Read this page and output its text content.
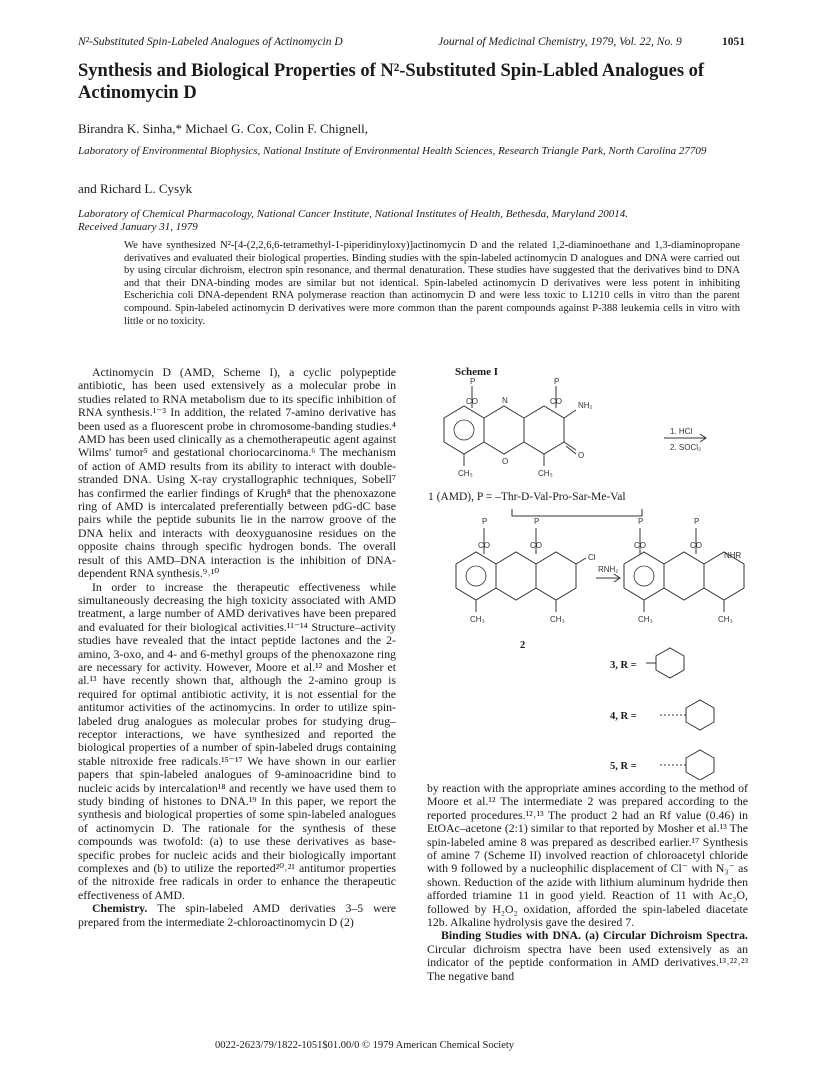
N²-Substituted Spin-Labeled Analogues of Actinomycin D	Journal of Medicinal Chemistry, 1979, Vol. 22, No. 9	1051
Synthesis and Biological Properties of N²-Substituted Spin-Labled Analogues of Actinomycin D
Birandra K. Sinha,* Michael G. Cox, Colin F. Chignell,
Laboratory of Environmental Biophysics, National Institute of Environmental Health Sciences, Research Triangle Park, North Carolina 27709
and Richard L. Cysyk
Laboratory of Chemical Pharmacology, National Cancer Institute, National Institutes of Health, Bethesda, Maryland 20014.
Received January 31, 1979
We have synthesized N²-[4-(2,2,6,6-tetramethyl-1-piperidinyloxy)]actinomycin D and the related 1,2-diaminoethane and 1,3-diaminopropane derivatives and evaluated their biological properties. Binding studies with the spin-labeled actinomycin D analogues and DNA were carried out by using circular dichroism, electron spin resonance, and thermal denaturation. These studies have suggested that the derivatives bind to DNA and that their DNA-binding modes are similar but not identical. Spin-labeled actinomycin D derivatives were less potent in inhibiting Escherichia coli DNA-dependent RNA polymerase reaction than actinomycin D and were less toxic to L1210 cells in vitro than the parent compound. Spin-labeled actinomycin D derivatives were more common than the parent compounds against P-388 leukemia cells in vitro with little or no toxicity.

Actinomycin D (AMD, Scheme I), a cyclic polypeptide antibiotic, has been used extensively as a molecular probe in studies related to RNA metabolism due to its specific inhibition of RNA synthesis.¹⁻³ In addition, the related 7-amino derivative has been used as a fluorescent probe in chromosome-banding studies.⁴ AMD has been used clinically as a chemotherapeutic agent against Wilms' tumor⁵ and gestational choriocarcinoma.⁶ The mechanism of action of AMD results from its ability to interact with double-stranded DNA. Using X-ray crystallographic techniques, Sobell⁷ has confirmed the earlier findings of Krugh⁸ that the phenoxazone ring of AMD is intercalated preferentially between pdG-dC base pairs while the peptide subunits lie in the narrow groove of the DNA helix and interacts with deoxyguanosine residues on the opposite chains through specific hydrogen bonds. The overall result of this AMD–DNA interaction is the inhibition of DNA-dependent RNA synthesis.⁹˒¹⁰

In order to increase the therapeutic effectiveness while simultaneously decreasing the high toxicity associated with AMD treatment, a large number of AMD derivatives have been prepared and evaluated for their biological activities.¹¹⁻¹⁴ Structure–activity studies have revealed that the intact peptide lactones and the 2-amino, 3-oxo, and 4- and 6-methyl groups of the phenoxazone ring are necessary for activity. However, Moore et al.¹² and Mosher et al.¹³ have recently shown that, although the 2-amino group is required for optimal antibiotic activity, it is not essential for the antitumor activities of the actinomycins. In order to utilize spin-labeled drug analogues as molecular probes for studying drug–receptor interactions, we have synthesized and reported the biological properties of a number of spin-labeled drugs containing stable nitroxide free radicals.¹⁵⁻¹⁷ We have shown in our earlier papers that spin-labeled analogues of 9-aminoacridine bind to nucleic acids by intercalation¹⁸ and recently we have used them to study binding of histones to DNA.¹⁹ In this paper, we report the synthesis and biological properties of some spin-labeled analogues of actinomycin D. The rationale for the synthesis of these compounds was twofold: (a) to use these derivatives as base-specific probes for nucleic acids and their biologically important complexes and (b) to utilize the reported²⁰˒²¹ antitumor properties of the nitroxide free radicals in order to enhance the therapeutic effectiveness of AMD.

Chemistry. The spin-labeled AMD derivaties 3–5 were prepared from the intermediate 2-chloroactinomycin D (2)

Scheme I
P	P
CO	CO NH₂
N
O
CH₃	CH₃
O
1. HCl
2. SOCl₂
P	P
CO	CO
Cl
CH₃	CH₃
RNH₂
P	P
CO	CO
NHR
CH₃	CH₃
2
3, R =
4, R =
5, R =
1 (AMD), P = –Thr-D-Val-Pro-Sar-Me-Val

by reaction with the appropriate amines according to the method of Moore et al.¹² The intermediate 2 was prepared according to the reported procedures.¹²˒¹³ The product 2 had an Rf value (0.46) in EtOAc–acetone (2:1) similar to that reported by Mosher et al.¹³ The spin-labeled amine 8 was prepared as described earlier.¹⁷ Synthesis of amine 7 (Scheme II) involved reaction of chloroacetyl chloride with 9 followed by a nucleophilic displacement of Cl⁻ with N₃⁻ as shown. Reduction of the azide with lithium aluminum hydride then afforded triamine 11 in good yield. Reaction of 11 with Ac₂O, followed by H₂O₂ oxidation, afforded the spin-labeled diacetate 12b. Alkaline hydrolysis gave the desired 7.

Binding Studies with DNA. (a) Circular Dichroism Spectra. Circular dichroism spectra have been used extensively as an indicator of the peptide conformation in AMD derivatives.¹³˒²²˒²³ The negative band

0022-2623/79/1822-1051$01.00/0 © 1979 American Chemical Society
